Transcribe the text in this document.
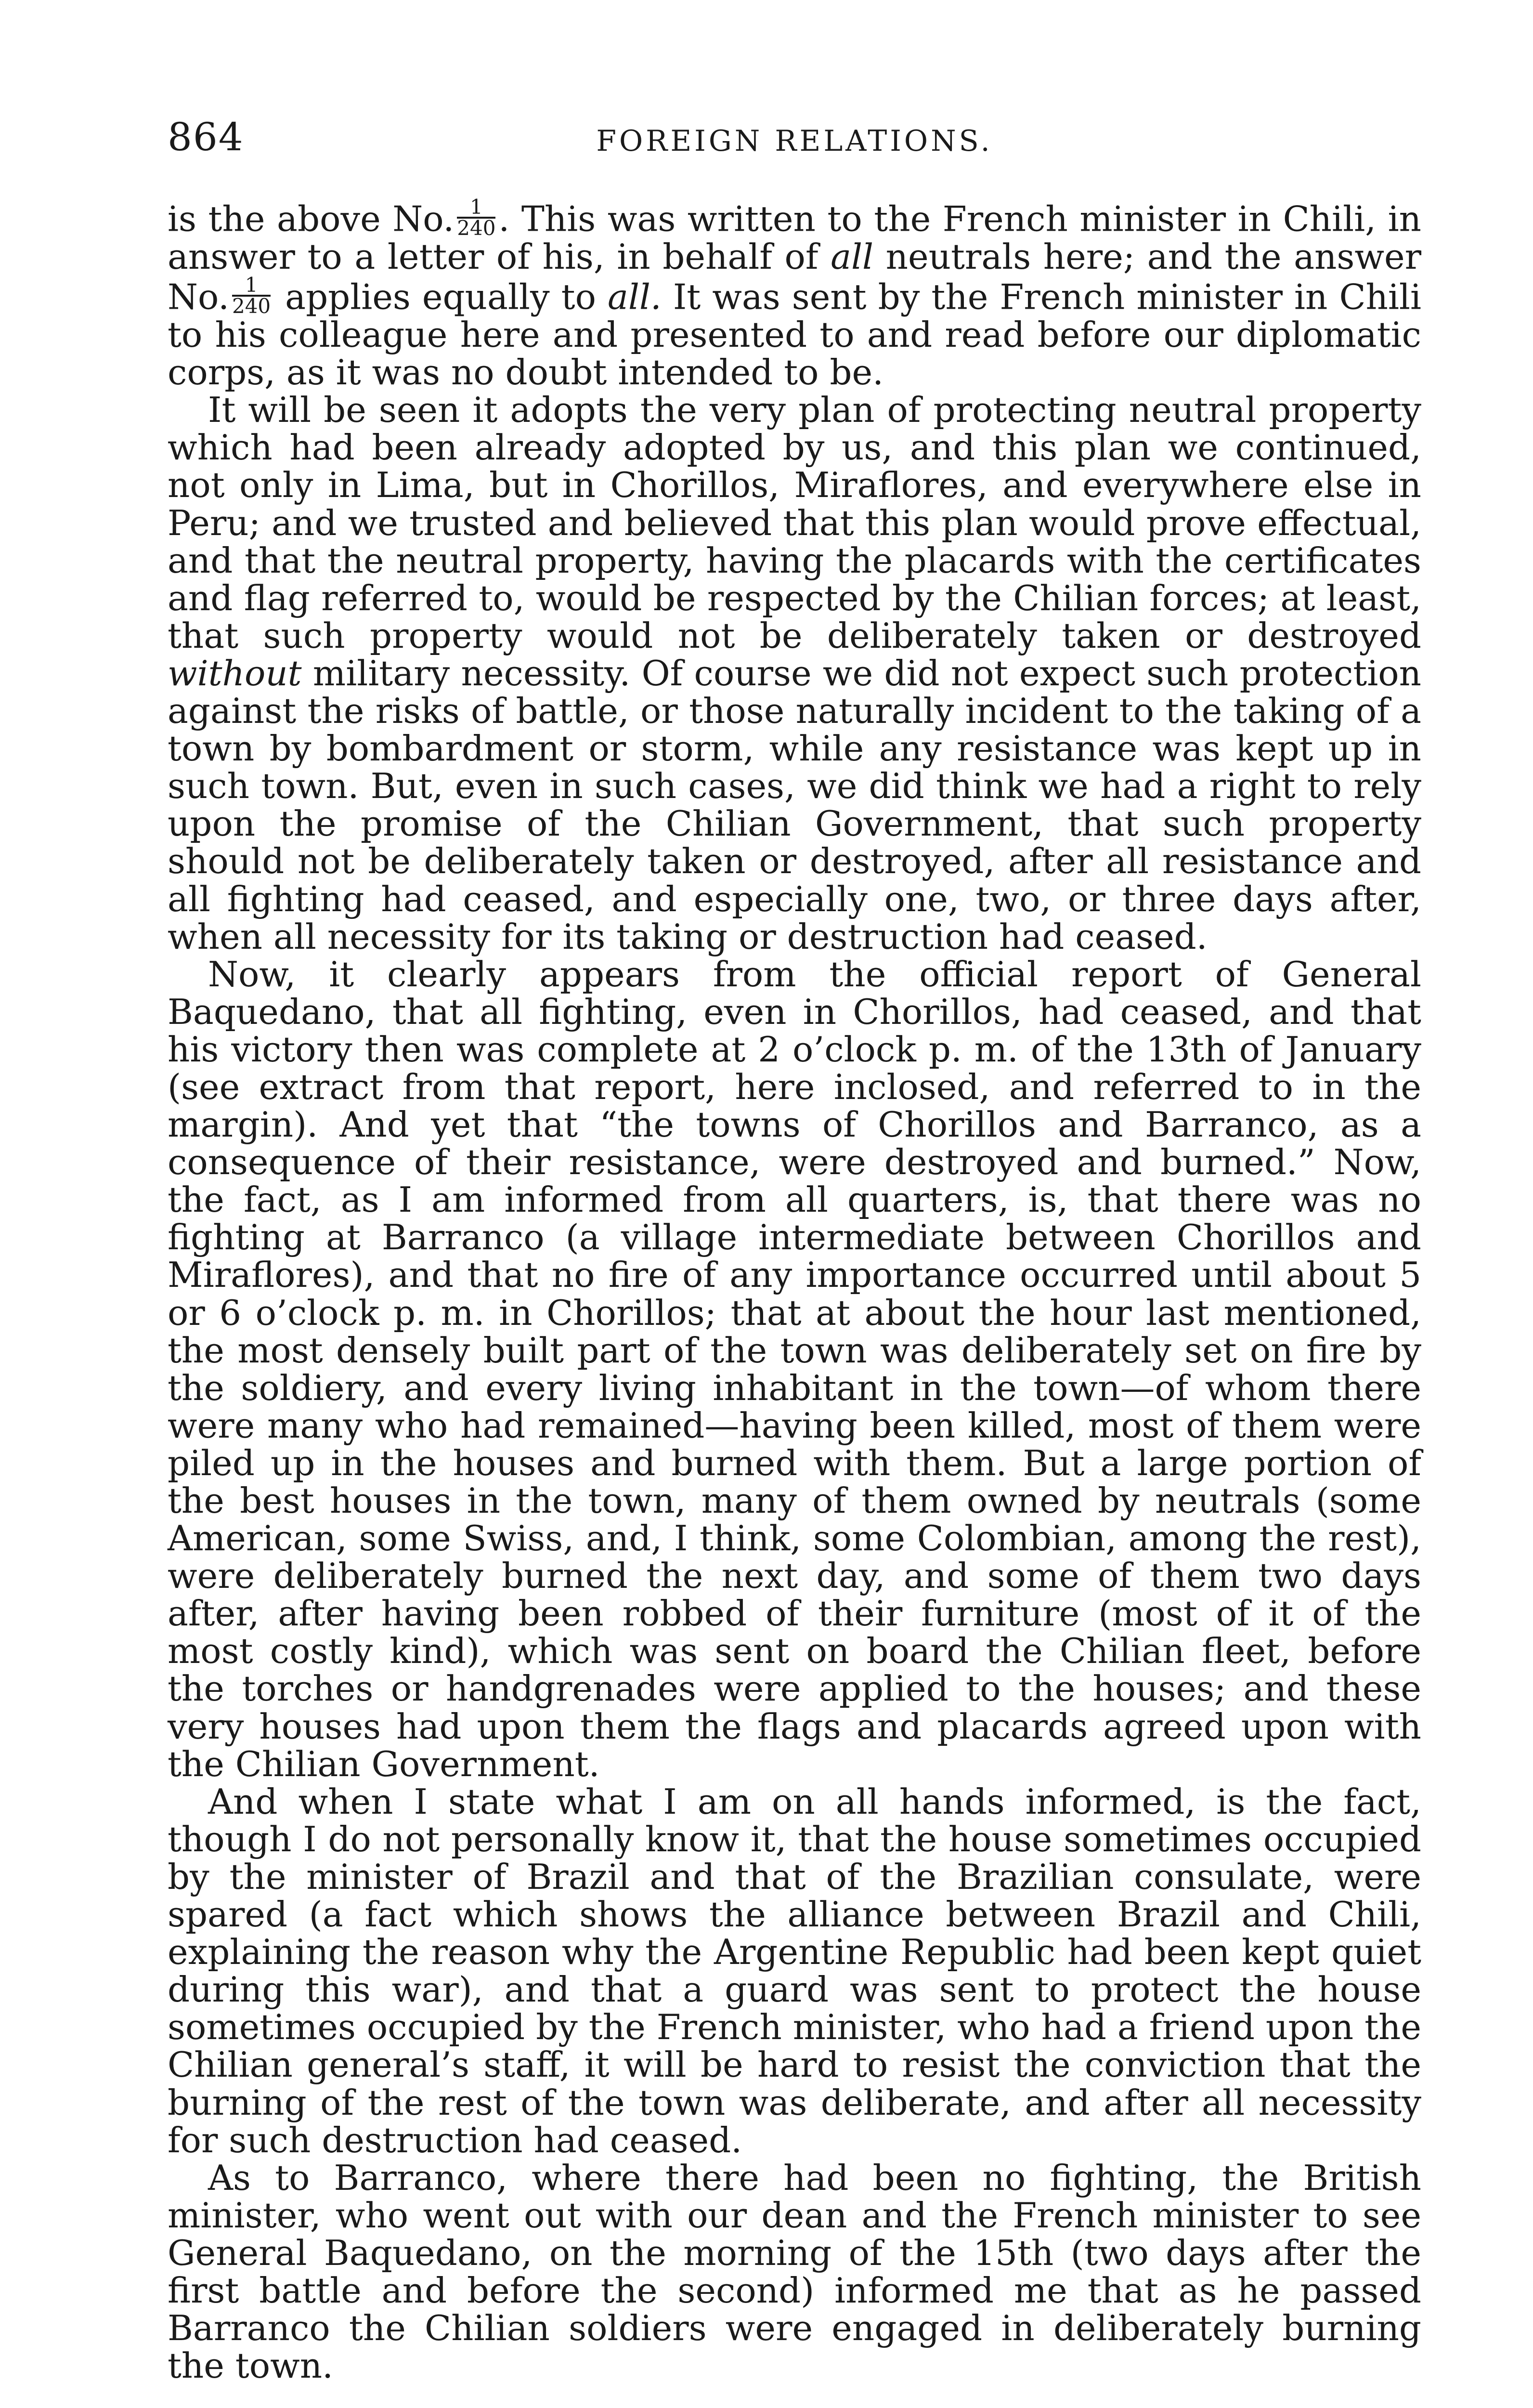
864	FOREIGN RELATIONS.

is the above No. $\frac{1}{240}$ . This was written to the French minister in Chili, in answer to a letter of his, in behalf of all neutrals here; and the answer No. $\frac{1}{240}$ applies equally to all. It was sent by the French minister in Chili to his colleague here and presented to and read before our diplomatic corps, as it was no doubt intended to be.

It will be seen it adopts the very plan of protecting neutral property which had been already adopted by us, and this plan we continued, not only in Lima, but in Chorillos, Miraflores, and everywhere else in Peru; and we trusted and believed that this plan would prove effectual, and that the neutral property, having the placards with the certificates and flag referred to, would be respected by the Chilian forces; at least, that such property would not be deliberately taken or destroyed without military necessity. Of course we did not expect such protection against the risks of battle, or those naturally incident to the taking of a town by bombardment or storm, while any resistance was kept up in such town. But, even in such cases, we did think we had a right to rely upon the promise of the Chilian Government, that such property should not be deliberately taken or destroyed, after all resistance and all fighting had ceased, and especially one, two, or three days after, when all necessity for its taking or destruction had ceased.

Now, it clearly appears from the official report of General Baquedano, that all fighting, even in Chorillos, had ceased, and that his victory then was complete at 2 o’clock p. m. of the 13th of January (see extract from that report, here inclosed, and referred to in the margin). And yet that “the towns of Chorillos and Barranco, as a consequence of their resistance, were destroyed and burned.” Now, the fact, as I am informed from all quarters, is, that there was no fighting at Barranco (a village intermediate between Chorillos and Miraflores), and that no fire of any importance occurred until about 5 or 6 o’clock p. m. in Chorillos; that at about the hour last mentioned, the most densely built part of the town was deliberately set on fire by the soldiery, and every living inhabitant in the town—of whom there were many who had remained—having been killed, most of them were piled up in the houses and burned with them. But a large portion of the best houses in the town, many of them owned by neutrals (some American, some Swiss, and, I think, some Colombian, among the rest), were deliberately burned the next day, and some of them two days after, after having been robbed of their furniture (most of it of the most costly kind), which was sent on board the Chilian fleet, before the torches or handgrenades were applied to the houses; and these very houses had upon them the flags and placards agreed upon with the Chilian Government.

And when I state what I am on all hands informed, is the fact, though I do not personally know it, that the house sometimes occupied by the minister of Brazil and that of the Brazilian consulate, were spared (a fact which shows the alliance between Brazil and Chili, explaining the reason why the Argentine Republic had been kept quiet during this war), and that a guard was sent to protect the house sometimes occupied by the French minister, who had a friend upon the Chilian general’s staff, it will be hard to resist the conviction that the burning of the rest of the town was deliberate, and after all necessity for such destruction had ceased.

As to Barranco, where there had been no fighting, the British minister, who went out with our dean and the French minister to see General Baquedano, on the morning of the 15th (two days after the first battle and before the second) informed me that as he passed Barranco the Chilian soldiers were engaged in deliberately burning the town.
